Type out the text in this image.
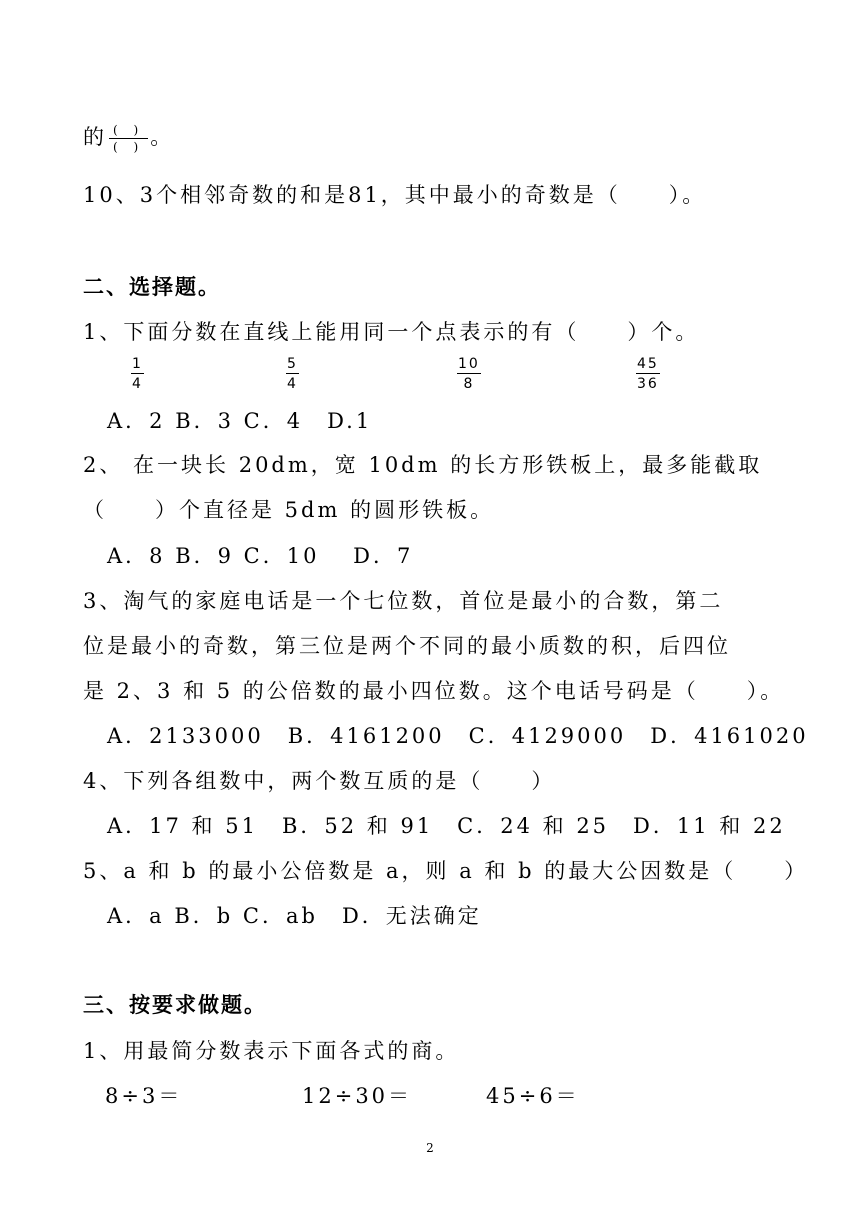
的 $\frac{( )}{( )}$ 。
10、3个相邻奇数的和是81，其中最小的奇数是（　　）。
二、选择题。
1、下面分数在直线上能用同一个点表示的有（　　）个。
$\frac{1}{4}$	$\frac{5}{4}$	$\frac{10}{8}$	$\frac{45}{36}$
A．2 B．3 C．4　D.1
2、 在一块长 20dm，宽 10dm 的长方形铁板上，最多能截取
（　　）个直径是 5dm 的圆形铁板。
A．8 B．9 C．10　 D．7
3、淘气的家庭电话是一个七位数，首位是最小的合数，第二
位是最小的奇数，第三位是两个不同的最小质数的积，后四位
是 2、3 和 5 的公倍数的最小四位数。这个电话号码是（　　）。
A．2133000　B．4161200　C．4129000　D．4161020
4、下列各组数中，两个数互质的是（　　）
A．17 和 51　B．52 和 91　C．24 和 25　D．11 和 22
5、a 和 b 的最小公倍数是 a，则 a 和 b 的最大公因数是（　　）
A．a B．b C．ab　D．无法确定
三、按要求做题。
1、用最简分数表示下面各式的商。
8÷3＝	12÷30＝	45÷6＝
2
